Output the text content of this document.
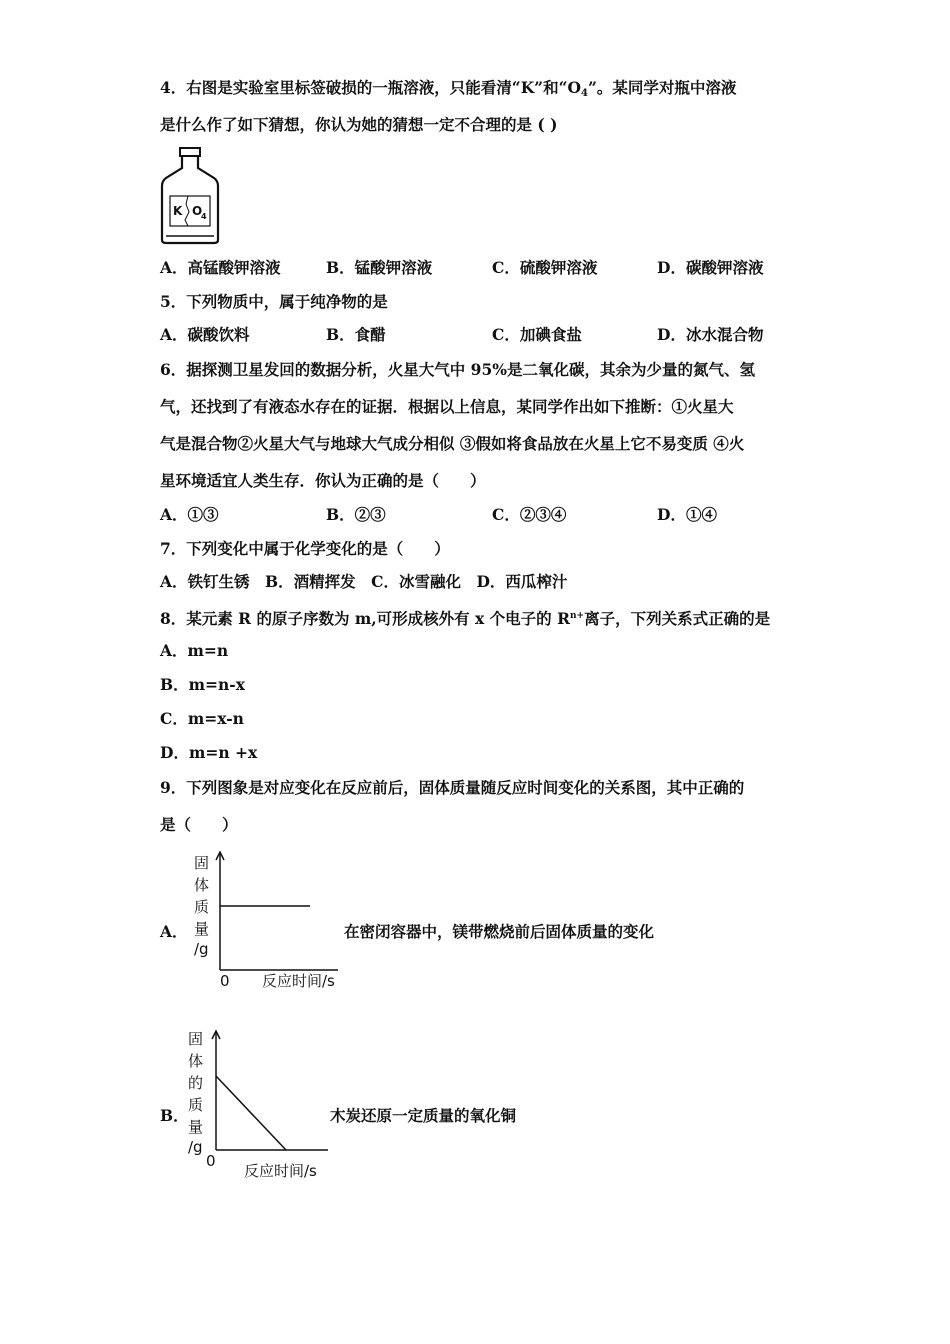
4．右图是实验室里标签破损的一瓶溶液，只能看清“K”和“$O_4$”。某同学对瓶中溶液
是什么作了如下猜想，你认为她的猜想一定不合理的是 ( )
K O
4
A．高锰酸钾溶液	B．锰酸钾溶液	C．硫酸钾溶液	D．碳酸钾溶液
5．下列物质中，属于纯净物的是
A．碳酸饮料	B．食醋	C．加碘食盐	D．冰水混合物
6．据探测卫星发回的数据分析，火星大气中 95%是二氧化碳，其余为少量的氮气、氢
气，还找到了有液态水存在的证据．根据以上信息，某同学作出如下推断：①火星大
气是混合物②火星大气与地球大气成分相似 ③假如将食品放在火星上它不易变质 ④火
星环境适宜人类生存．你认为正确的是（　　）
A．①③	B．②③	C．②③④	D．①④
7．下列变化中属于化学变化的是（　　）
A．铁钉生锈　B．酒精挥发　C．冰雪融化　D．西瓜榨汁
8．某元素 R 的原子序数为 m,可形成核外有 x 个电子的 $R^{n+}$离子，下列关系式正确的是
A．m=n
B．m=n-x
C．m=x-n
D．m=n +x
9．下列图象是对应变化在反应前后，固体质量随反应时间变化的关系图，其中正确的
是（　　）
A．
固
体
质
量
/g
0 反应时间/s
在密闭容器中，镁带燃烧前后固体质量的变化
B．
固
体
的
质
量
/g
0
反应时间/s
木炭还原一定质量的氧化铜
